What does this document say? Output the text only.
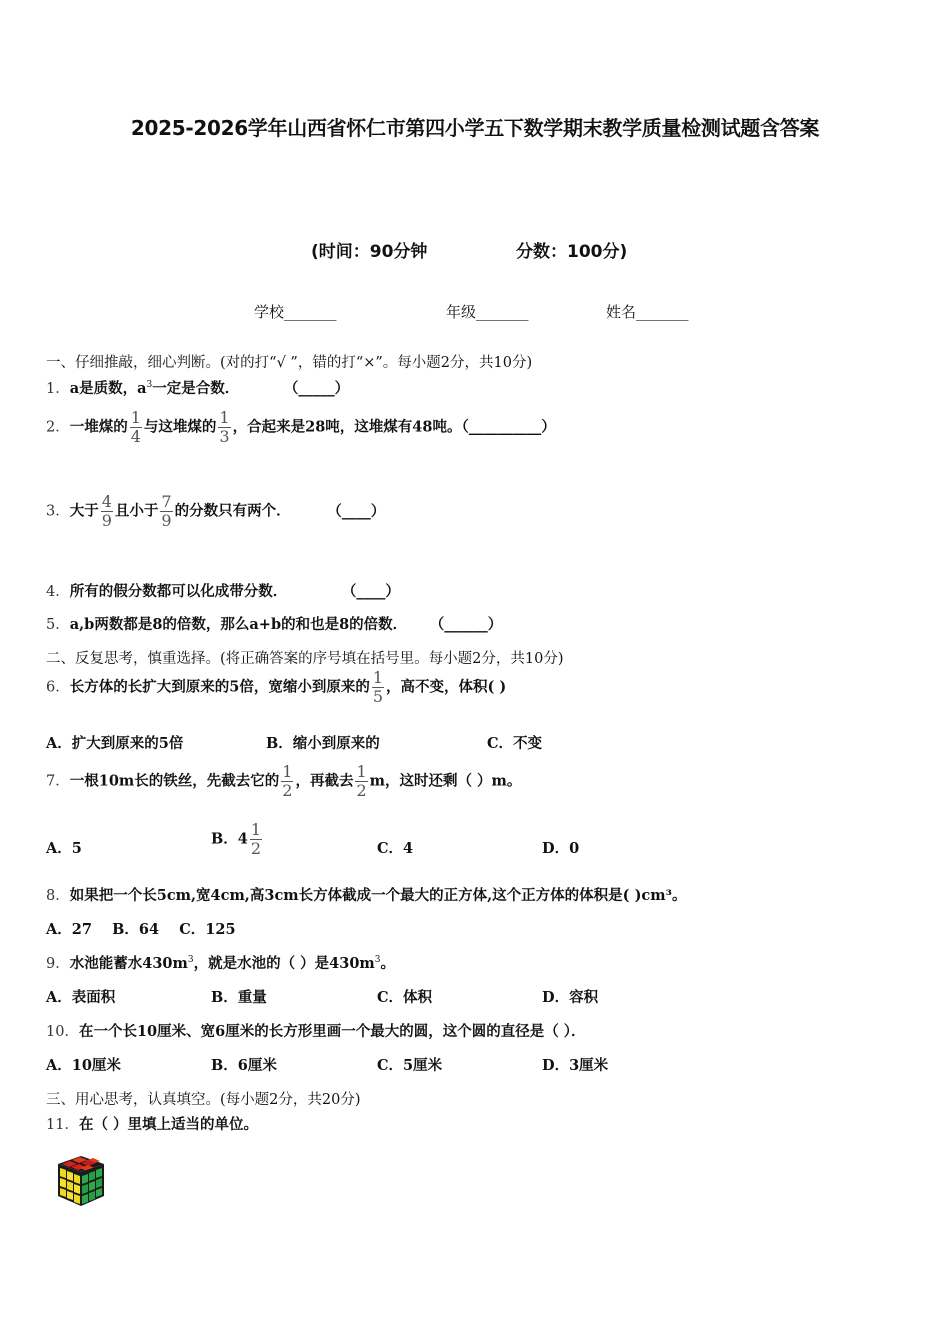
2025-2026学年山西省怀仁市第四小学五下数学期末教学质量检测试题含答案
(时间：90分钟	分数：100分)
学校_______	年级_______	姓名_______
一、仔细推敲，细心判断。(对的打“√ ”，错的打“×”。每小题2分，共10分)
1．a是质数，$a^3$一定是合数．	（_____）
2．一堆煤的 $\frac{1}{4}$ 与这堆煤的 $\frac{1}{3}$ ，合起来是28吨，这堆煤有48吨。（__________）
3．大于 $\frac{4}{9}$ 且小于 $\frac{7}{9}$ 的分数只有两个．	（____）
4．所有的假分数都可以化成带分数．	（____）
5．a,b两数都是8的倍数，那么a+b的和也是8的倍数． （______）
二、反复思考，慎重选择。(将正确答案的序号填在括号里。每小题2分，共10分)
6．长方体的长扩大到原来的5倍，宽缩小到原来的 $\frac{1}{5}$ ，高不变，体积( )
A．扩大到原来的5倍	B．缩小到原来的	C．不变
7．一根10m长的铁丝，先截去它的 $\frac{1}{2}$ ，再截去 $\frac{1}{2}$ m，这时还剩（ ）m。
A．5
B．$4 \frac{1}{2}$	C．4	D．0
8．如果把一个长5cm,宽4cm,高3cm长方体截成一个最大的正方体,这个正方体的体积是( )cm³。
A．27    B．64    C．125
9．水池能蓄水$430m^3$，就是水池的（ ）是$430m^3$。
A．表面积	B．重量	C．体积	D．容积
10．在一个长10厘米、宽6厘米的长方形里画一个最大的圆，这个圆的直径是（ ）．
A．10厘米	B．6厘米	C．5厘米	D．3厘米
三、用心思考，认真填空。(每小题2分，共20分)
11．在（ ）里填上适当的单位。
